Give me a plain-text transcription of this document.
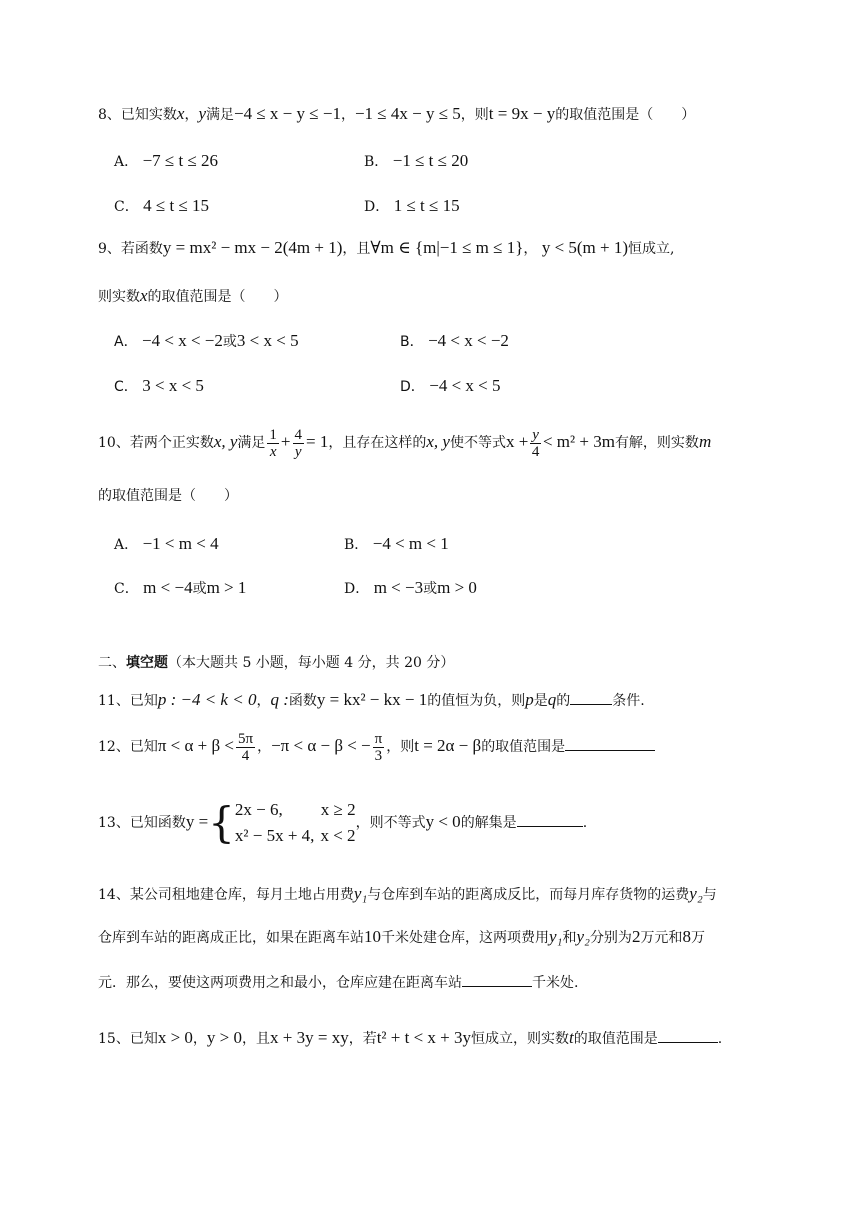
8、已知实数x，y满足−4 ≤ x − y ≤ −1，−1 ≤ 4x − y ≤ 5，则t = 9x − y的取值范围是（　　）
A． −7 ≤ t ≤ 26	B． −1 ≤ t ≤ 20
C． 4 ≤ t ≤ 15	D． 1 ≤ t ≤ 15
9、若函数y = mx² − mx − 2(4m + 1)，且∀m ∈ {m|−1 ≤ m ≤ 1}， y < 5(m + 1)恒成立,
则实数x的取值范围是（　　）
A． −4 < x < −2或3 < x < 5	B． −4 < x < −2
C． 3 < x < 5	D． −4 < x < 5
10、若两个正实数x, y满足 $\frac{1}{x} + \frac{4}{y} = 1$，且存在这样的x, y使不等式$x + \frac{y}{4} < m^2 + 3m$有解，则实数m
的取值范围是（　　）
A． −1 < m < 4	B． −4 < m < 1
C． m < −4或m > 1	D． m < −3或m > 0
二、填空题（本大题共 5 小题，每小题 4 分，共 20 分）
11、已知p : −4 < k < 0，q :函数y = kx² − kx − 1的值恒为负，则p是q的	条件.
12、已知$\pi < \alpha + \beta < \frac{5\pi}{4}$ ，−π < α − β < − $\frac{\pi}{3}$ ，则t = 2α − β的取值范围是
13、已知函数y ={ 2x − 6, x ≥ 2
x² − 5x + 4, x < 2
，则不等式y < 0的解集是	.
14、某公司租地建仓库，每月土地占用费y₁与仓库到车站的距离成反比，而每月库存货物的运费y₂与
仓库到车站的距离成正比，如果在距离车站10千米处建仓库，这两项费用y₁和y₂分别为2万元和8万
元．那么，要使这两项费用之和最小，仓库应建在距离车站	千米处.
15、已知x > 0，y > 0，且x + 3y = xy，若t² + t < x + 3y恒成立，则实数t的取值范围是	.
